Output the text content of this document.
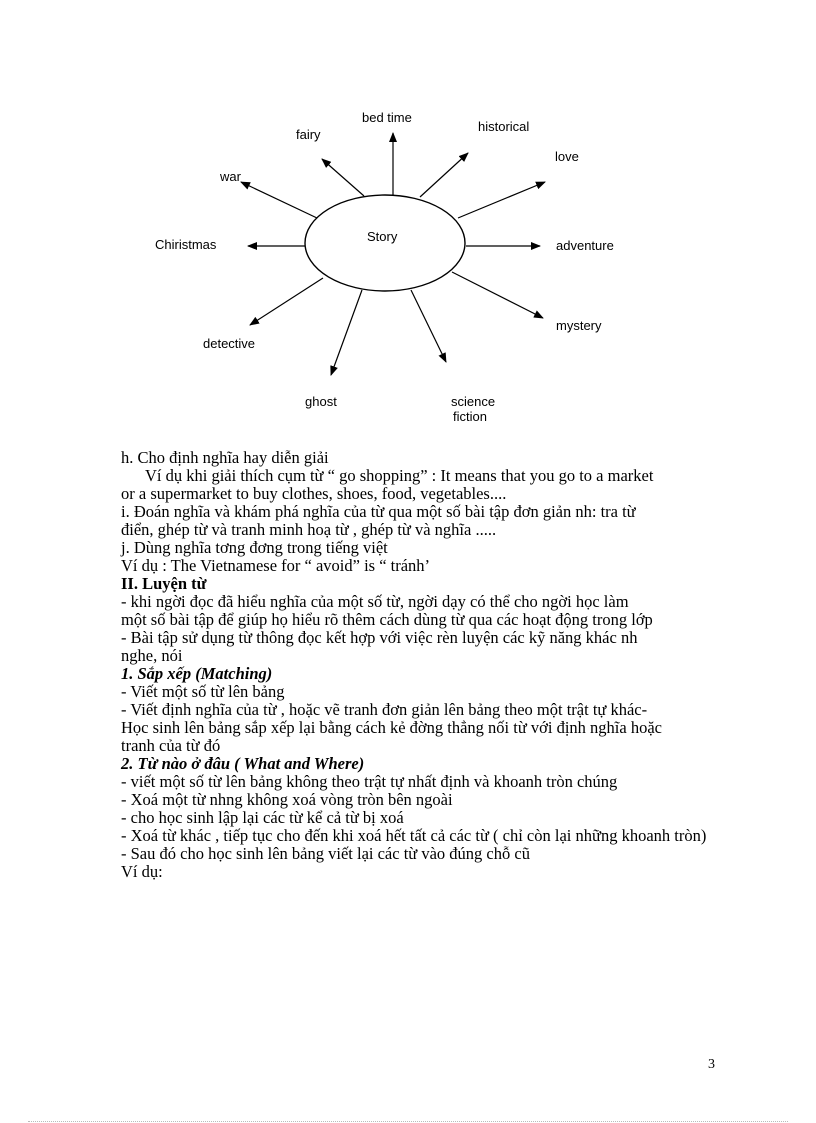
Story
bed time
historical
fairy
love
war
Chiristmas	adventure
mystery
detective
ghost	science
fiction
h. Cho định nghĩa hay diễn giải
Ví dụ khi giải thích cụm từ “ go shopping” : It means that you go to a market
or a supermarket to buy clothes, shoes, food, vegetables....
i. Đoán nghĩa và khám phá nghĩa của từ qua một số bài tập đơn giản nh: tra từ
điển, ghép từ và tranh minh hoạ từ , ghép từ và nghĩa .....
j. Dùng nghĩa tơng đơng trong tiếng việt
Ví dụ : The Vietnamese for “ avoid” is “ tránh’
II. Luyện từ
- khi ngời đọc đã hiểu nghĩa của một số từ, ngời dạy có thể cho ngời học làm
một số bài tập để giúp họ hiểu rõ thêm cách dùng từ qua các hoạt động trong lớp
- Bài tập sử dụng từ thông đọc kết hợp với việc rèn luyện các kỹ năng khác nh
nghe, nói
1. Sắp xếp (Matching)
- Viết một số từ lên bảng
- Viết định nghĩa của từ , hoặc vẽ tranh đơn giản lên bảng theo một trật tự khác-
Học sinh lên bảng sắp xếp lại bằng cách kẻ đờng thẳng nối từ với định nghĩa hoặc
tranh của từ đó
2. Từ nào ở đâu ( What and Where)
- viết một số từ lên bảng không theo trật tự nhất định và khoanh tròn chúng
- Xoá một từ nhng không xoá vòng tròn bên ngoài
- cho học sinh lập lại các từ kể cả từ bị xoá
- Xoá từ khác , tiếp tục cho đến khi xoá hết tất cả các từ ( chỉ còn lại những khoanh tròn)
- Sau đó cho học sinh lên bảng viết lại các từ vào đúng chỗ cũ
Ví dụ:
3
